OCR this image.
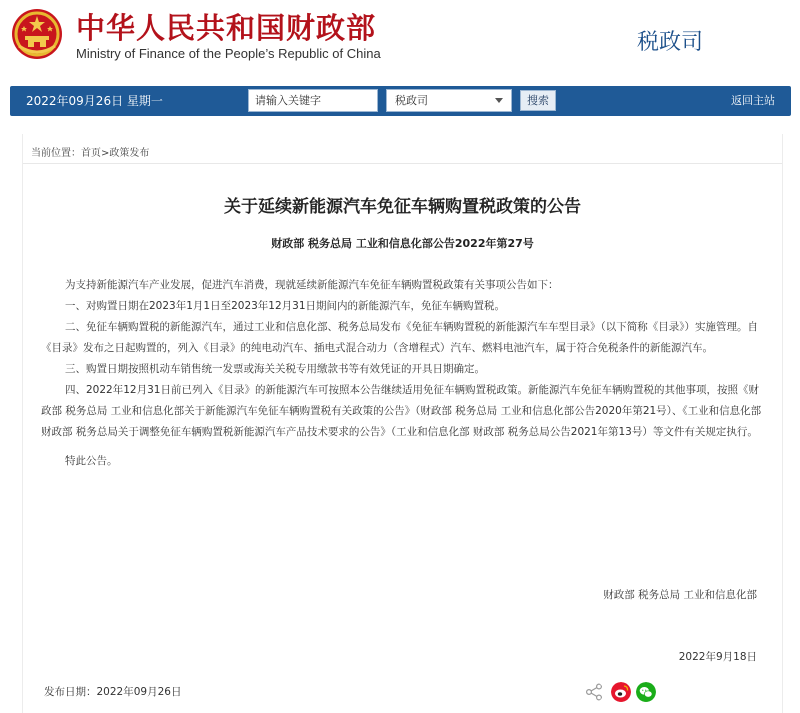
中华人民共和国财政部
Ministry of Finance of the People’s Republic of China	税政司
2022年09月26日 星期一	请输入关键字	税政司	搜索	返回主站
当前位置：首页>政策发布
关于延续新能源汽车免征车辆购置税政策的公告
财政部 税务总局 工业和信息化部公告2022年第27号

为支持新能源汽车产业发展，促进汽车消费，现就延续新能源汽车免征车辆购置税政策有关事项公告如下：

一、对购置日期在2023年1月1日至2023年12月31日期间内的新能源汽车，免征车辆购置税。

二、免征车辆购置税的新能源汽车，通过工业和信息化部、税务总局发布《免征车辆购置税的新能源汽车车型目录》（以下简称《目录》）实施管理。自《目录》发布之日起购置的，列入《目录》的纯电动汽车、插电式混合动力（含增程式）汽车、燃料电池汽车，属于符合免税条件的新能源汽车。

三、购置日期按照机动车销售统一发票或海关关税专用缴款书等有效凭证的开具日期确定。

四、2022年12月31日前已列入《目录》的新能源汽车可按照本公告继续适用免征车辆购置税政策。新能源汽车免征车辆购置税的其他事项，按照《财政部 税务总局 工业和信息化部关于新能源汽车免征车辆购置税有关政策的公告》（财政部 税务总局 工业和信息化部公告2020年第21号）、《工业和信息化部 财政部 税务总局关于调整免征车辆购置税新能源汽车产品技术要求的公告》（工业和信息化部 财政部 税务总局公告2021年第13号）等文件有关规定执行。

特此公告。

财政部 税务总局 工业和信息化部
2022年9月18日
发布日期：2022年09月26日
